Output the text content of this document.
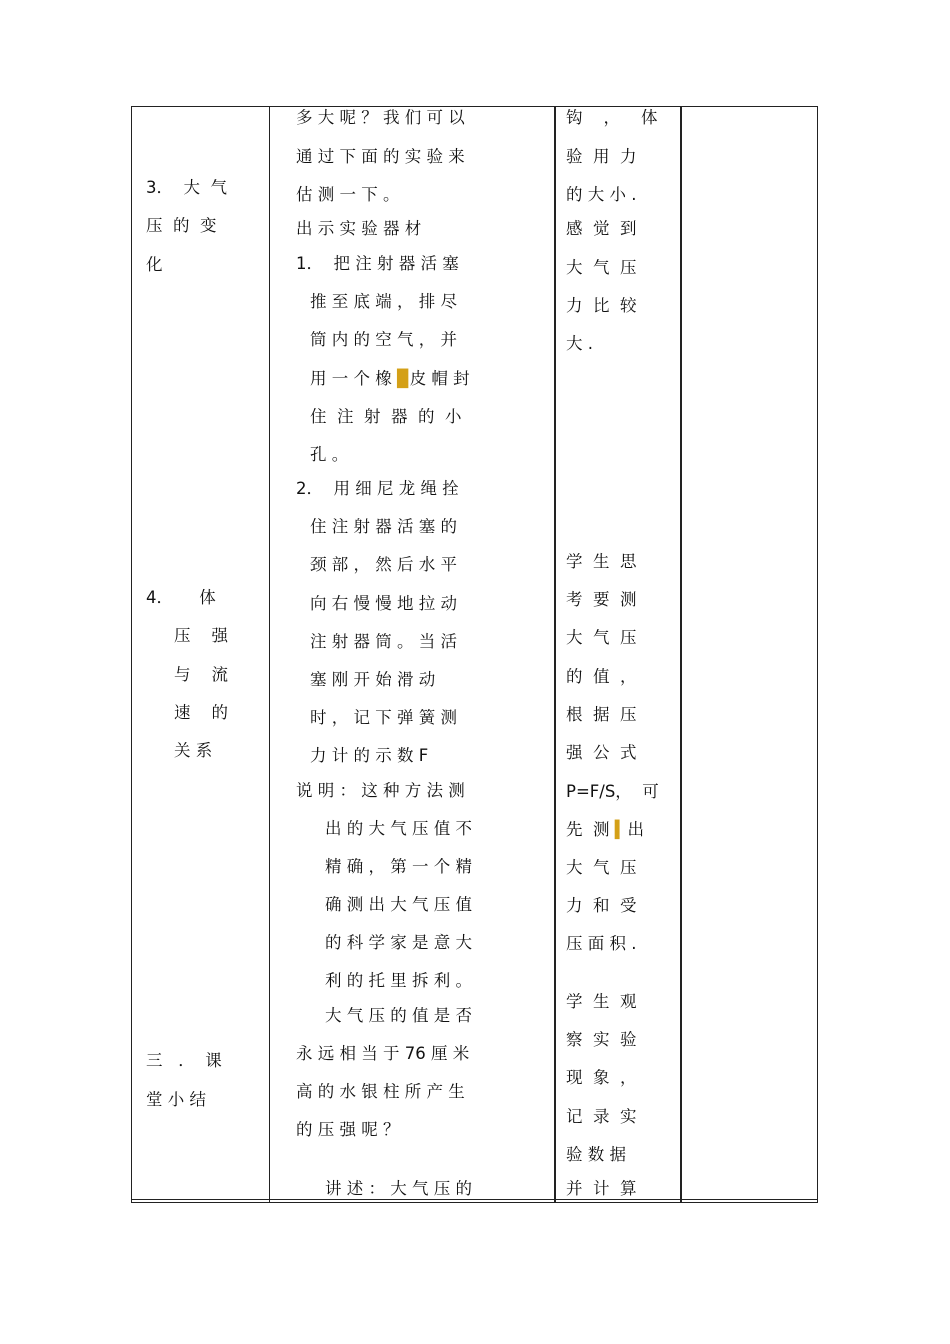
3．  大  气
压  的  变
化
4．     体
压    强
与    流
速    的
关 系
三   ．  课
堂 小 结
多 大 呢 ？ 我 们 可 以
通 过 下 面 的 实 验 来
估 测 一 下 。
出 示 实 验 器 材
1．  把 注 射 器 活 塞
推 至 底 端 ， 排 尽
筒 内 的 空 气 ， 并
用 一 个 橡 ▉皮 帽 封
住  注  射  器  的  小
孔 。
2．  用 细 尼 龙 绳 拴
住 注 射 器 活 塞 的
颈 部 ， 然 后 水 平
向 右 慢 慢 地 拉 动
注 射 器 筒 。 当 活
塞 刚 开 始 滑 动
时 ， 记 下 弹 簧 测
力 计 的 示 数 F
说 明 ： 这 种 方 法 测
出 的 大 气 压 值 不
精 确 ， 第 一 个 精
确 测 出 大 气 压 值
的 科 学 家 是 意 大
利 的 托 里 拆 利 。
大 气 压 的 值 是 否
永 远 相 当 于 76 厘 米
高 的 水 银 柱 所 产 生
的 压 强 呢 ？
讲 述 ： 大 气 压 的
钩    ，    体
验  用  力
的 大 小 .
感  觉  到
大  气  压
力  比  较
大 .
学  生  思
考  要  测
大  气  压
的  值  ，
根  据  压
强  公  式
P=F/S，  可
先  测 ▍出
大  气  压
力  和  受
压 面 积 .
学  生  观
察  实  验
现  象  ，
记  录  实
验 数 据
并  计  算
